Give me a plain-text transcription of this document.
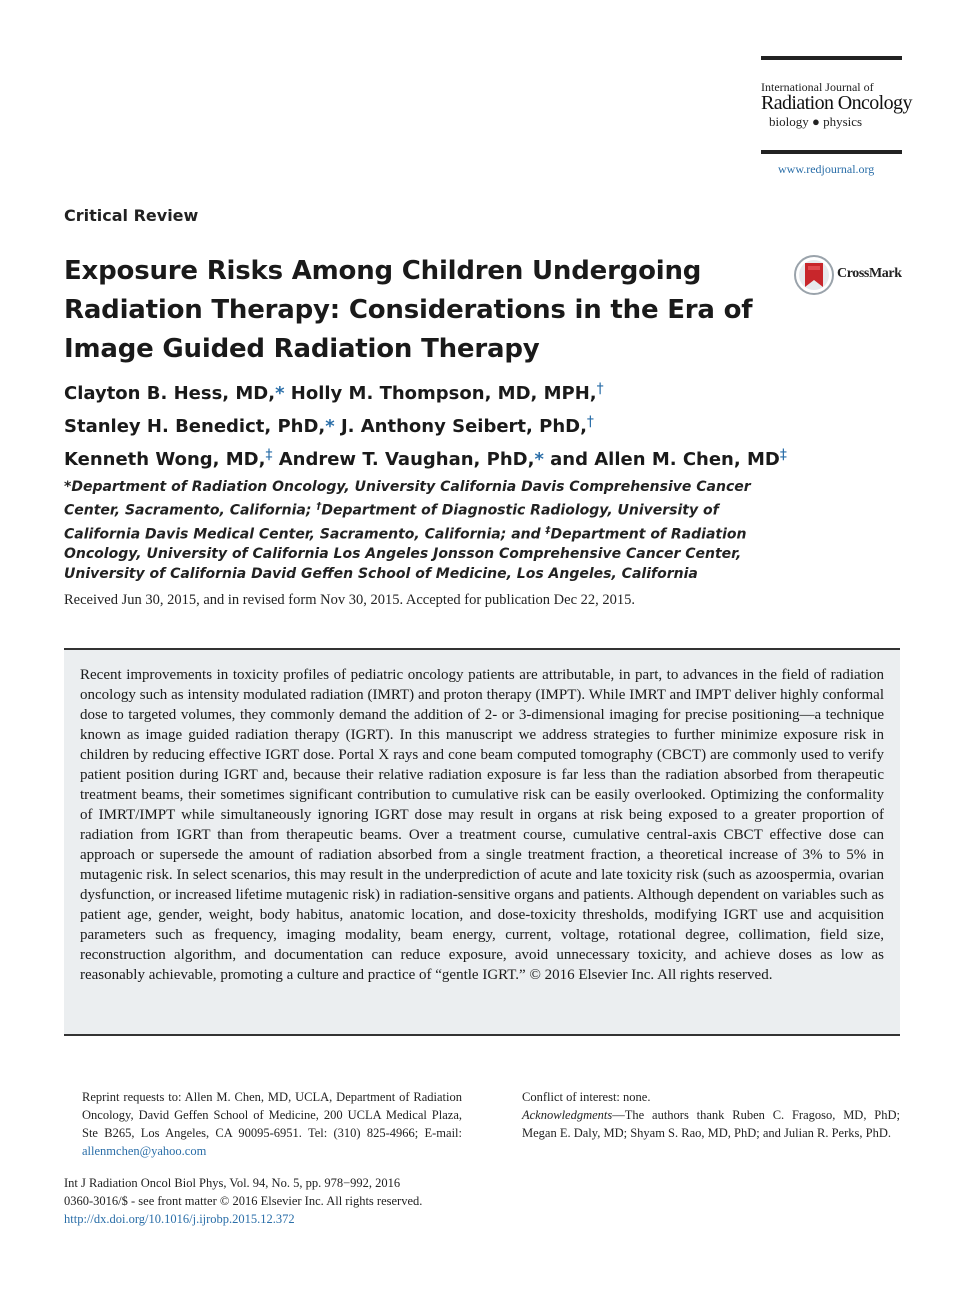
International Journal of
Radiation Oncology
biology ● physics
www.redjournal.org
CrossMark
Critical Review
Exposure Risks Among Children Undergoing Radiation Therapy: Considerations in the Era of Image Guided Radiation Therapy
Clayton B. Hess, MD,* Holly M. Thompson, MD, MPH,†
Stanley H. Benedict, PhD,* J. Anthony Seibert, PhD,†
Kenneth Wong, MD,‡ Andrew T. Vaughan, PhD,* and Allen M. Chen, MD‡
*Department of Radiation Oncology, University California Davis Comprehensive Cancer Center, Sacramento, California; †Department of Diagnostic Radiology, University of California Davis Medical Center, Sacramento, California; and ‡Department of Radiation Oncology, University of California Los Angeles Jonsson Comprehensive Cancer Center, University of California David Geffen School of Medicine, Los Angeles, California
Received Jun 30, 2015, and in revised form Nov 30, 2015. Accepted for publication Dec 22, 2015.
Recent improvements in toxicity profiles of pediatric oncology patients are attributable, in part, to advances in the field of radiation oncology such as intensity modulated radiation (IMRT) and proton therapy (IMPT). While IMRT and IMPT deliver highly conformal dose to targeted volumes, they commonly demand the addition of 2- or 3-dimensional imaging for precise positioning—a technique known as image guided radiation therapy (IGRT). In this manuscript we address strategies to further minimize exposure risk in children by reducing effective IGRT dose. Portal X rays and cone beam computed tomography (CBCT) are commonly used to verify patient position during IGRT and, because their relative radiation exposure is far less than the radiation absorbed from therapeutic treatment beams, their sometimes significant contribution to cumulative risk can be easily overlooked. Optimizing the conformality of IMRT/IMPT while simultaneously ignoring IGRT dose may result in organs at risk being exposed to a greater proportion of radiation from IGRT than from therapeutic beams. Over a treatment course, cumulative central-axis CBCT effective dose can approach or supersede the amount of radiation absorbed from a single treatment fraction, a theoretical increase of 3% to 5% in mutagenic risk. In select scenarios, this may result in the underprediction of acute and late toxicity risk (such as azoospermia, ovarian dysfunction, or increased lifetime mutagenic risk) in radiation-sensitive organs and patients. Although dependent on variables such as patient age, gender, weight, body habitus, anatomic location, and dose-toxicity thresholds, modifying IGRT use and acquisition parameters such as frequency, imaging modality, beam energy, current, voltage, rotational degree, collimation, field size, reconstruction algorithm, and documentation can reduce exposure, avoid unnecessary toxicity, and achieve doses as low as reasonably achievable, promoting a culture and practice of “gentle IGRT.” © 2016 Elsevier Inc. All rights reserved.
Reprint requests to: Allen M. Chen, MD, UCLA, Department of Radiation Oncology, David Geffen School of Medicine, 200 UCLA Medical Plaza, Ste B265, Los Angeles, CA 90095-6951. Tel: (310) 825-4966; E-mail: allenmchen@yahoo.com
Conflict of interest: none.
Acknowledgments—The authors thank Ruben C. Fragoso, MD, PhD; Megan E. Daly, MD; Shyam S. Rao, MD, PhD; and Julian R. Perks, PhD.
Int J Radiation Oncol Biol Phys, Vol. 94, No. 5, pp. 978−992, 2016
0360-3016/$ - see front matter © 2016 Elsevier Inc. All rights reserved.
http://dx.doi.org/10.1016/j.ijrobp.2015.12.372
